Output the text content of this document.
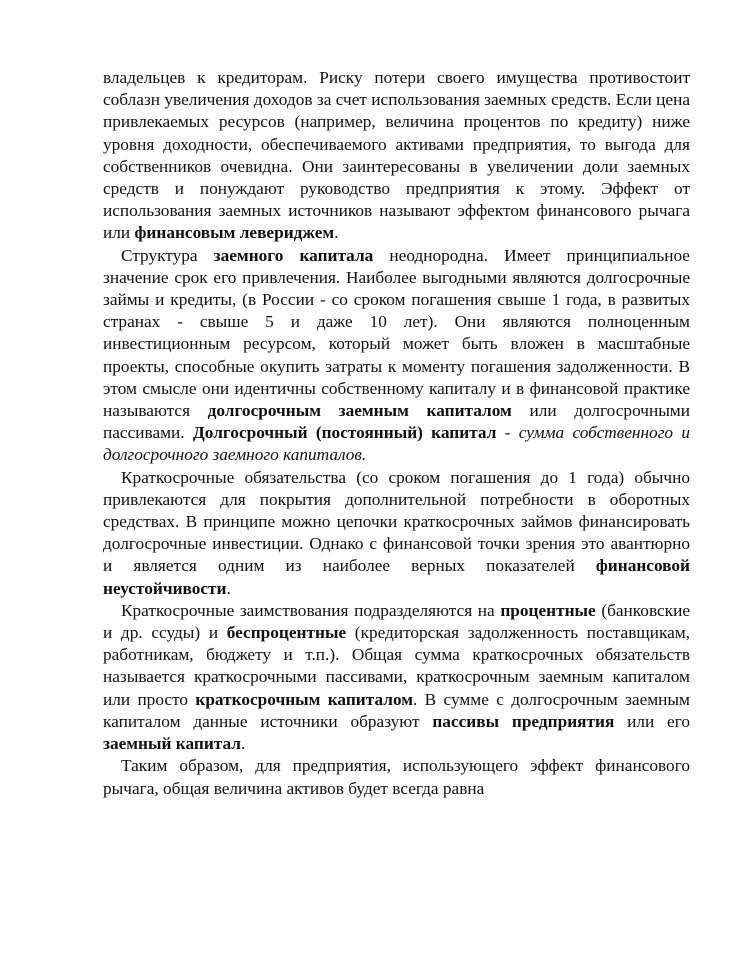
владельцев к кредиторам. Риску потери своего имущества противостоит соблазн увеличения доходов за счет использования заемных средств. Если цена привлекаемых ресурсов (например, величина процентов по кредиту) ниже уровня доходности, обеспечиваемого активами предприятия, то выгода для собственников очевидна. Они заинтересованы в увеличении доли заемных средств и понуждают руководство предприятия к этому. Эффект от использования заемных источников называют эффектом финансового рычага или финансовым левериджем.

Структура заемного капитала неоднородна. Имеет принципиальное значение срок его привлечения. Наиболее выгодными являются долгосрочные займы и кредиты, (в России - со сроком погашения свыше 1 года, в развитых странах - свыше 5 и даже 10 лет). Они являются полноценным инвестиционным ресурсом, который может быть вложен в масштабные проекты, способные окупить затраты к моменту погашения задолженности. В этом смысле они идентичны собственному капиталу и в финансовой практике называются долгосрочным заемным капиталом или долгосрочными пассивами. Долгосрочный (постоянный) капитал - сумма собственного и долгосрочного заемного капиталов.

Краткосрочные обязательства (со сроком погашения до 1 года) обычно привлекаются для покрытия дополнительной потребности в оборотных средствах. В принципе можно цепочки краткосрочных займов финансировать долгосрочные инвестиции. Однако с финансовой точки зрения это авантюрно и является одним из наиболее верных показателей финансовой неустойчивости.

Краткосрочные заимствования подразделяются на процентные (банковские и др. ссуды) и беспроцентные (кредиторская задолженность поставщикам, работникам, бюджету и т.п.). Общая сумма краткосрочных обязательств называется краткосрочными пассивами, краткосрочным заемным капиталом или просто краткосрочным капиталом. В сумме с долгосрочным заемным капиталом данные источники образуют пассивы предприятия или его заемный капитал.

Таким образом, для предприятия, использующего эффект финансового рычага, общая величина активов будет всегда равна
